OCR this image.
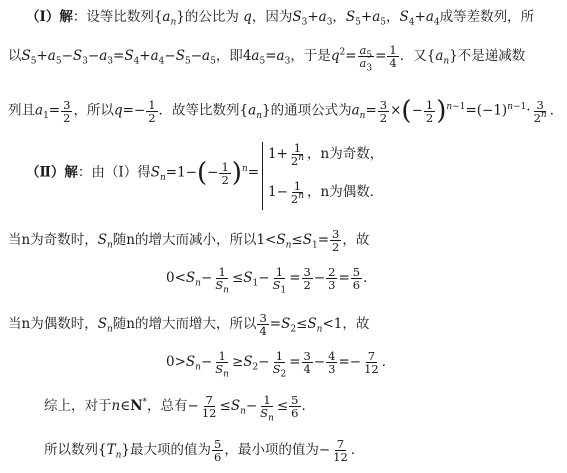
（Ⅰ）解：设等比数列$\{a_n\}$的公比为 q，因为$S_3+a_3$，$S_5+a_5$，$S_4+a_4$成等差数列，所
以$S_5+a_5-S_3-a_3=S_4+a_4-S_5-a_5$，即$4a_5=a_3$，于是$q^2= \frac{a_5}{a_3} = \frac{1}{4}$ ．又$\{a_n\}$不是递减数
列且$a_1= \frac{3}{2}$ ，所以$q=- \frac{1}{2}$ ．故等比数列$\{a_n\}$的通项公式为$a_n= \frac{3}{2}$ ×(− $\frac{1}{2} )^{n-1}=(-1)^{n-1}\cdot \frac{3}{2^n}$ ．
（Ⅱ）解：由（Ⅰ）得$S_n=1-(- \frac{1}{2} )^n=$
$1+ \frac{1}{2^n}$ ，n为奇数，
$1- \frac{1}{2^n}$ ，n为偶数．
当n为奇数时，$S_n$随n的增大而减小，所以$1<S_n\le S_1= \frac{3}{2}$ ，故
$0<S_n- \frac{1}{S_n} \le S_1- \frac{1}{S_1} = \frac{3}{2} - \frac{2}{3} = \frac{5}{6}$ ．
当n为偶数时，$S_n$随n的增大而增大，所以 $\frac{3}{4} =S_2\le S_n<1$，故
$0>S_n- \frac{1}{S_n} \ge S_2- \frac{1}{S_2} = \frac{3}{4} - \frac{4}{3} =- \frac{7}{12}$ ．
综上，对于n∈N*，总有− $\frac{7}{12} \le S_n- \frac{1}{S_n} \le \frac{5}{6}$ ．
所以数列$\{T_n\}$最大项的值为 $\frac{5}{6}$ ，最小项的值为− $\frac{7}{12}$ ．
